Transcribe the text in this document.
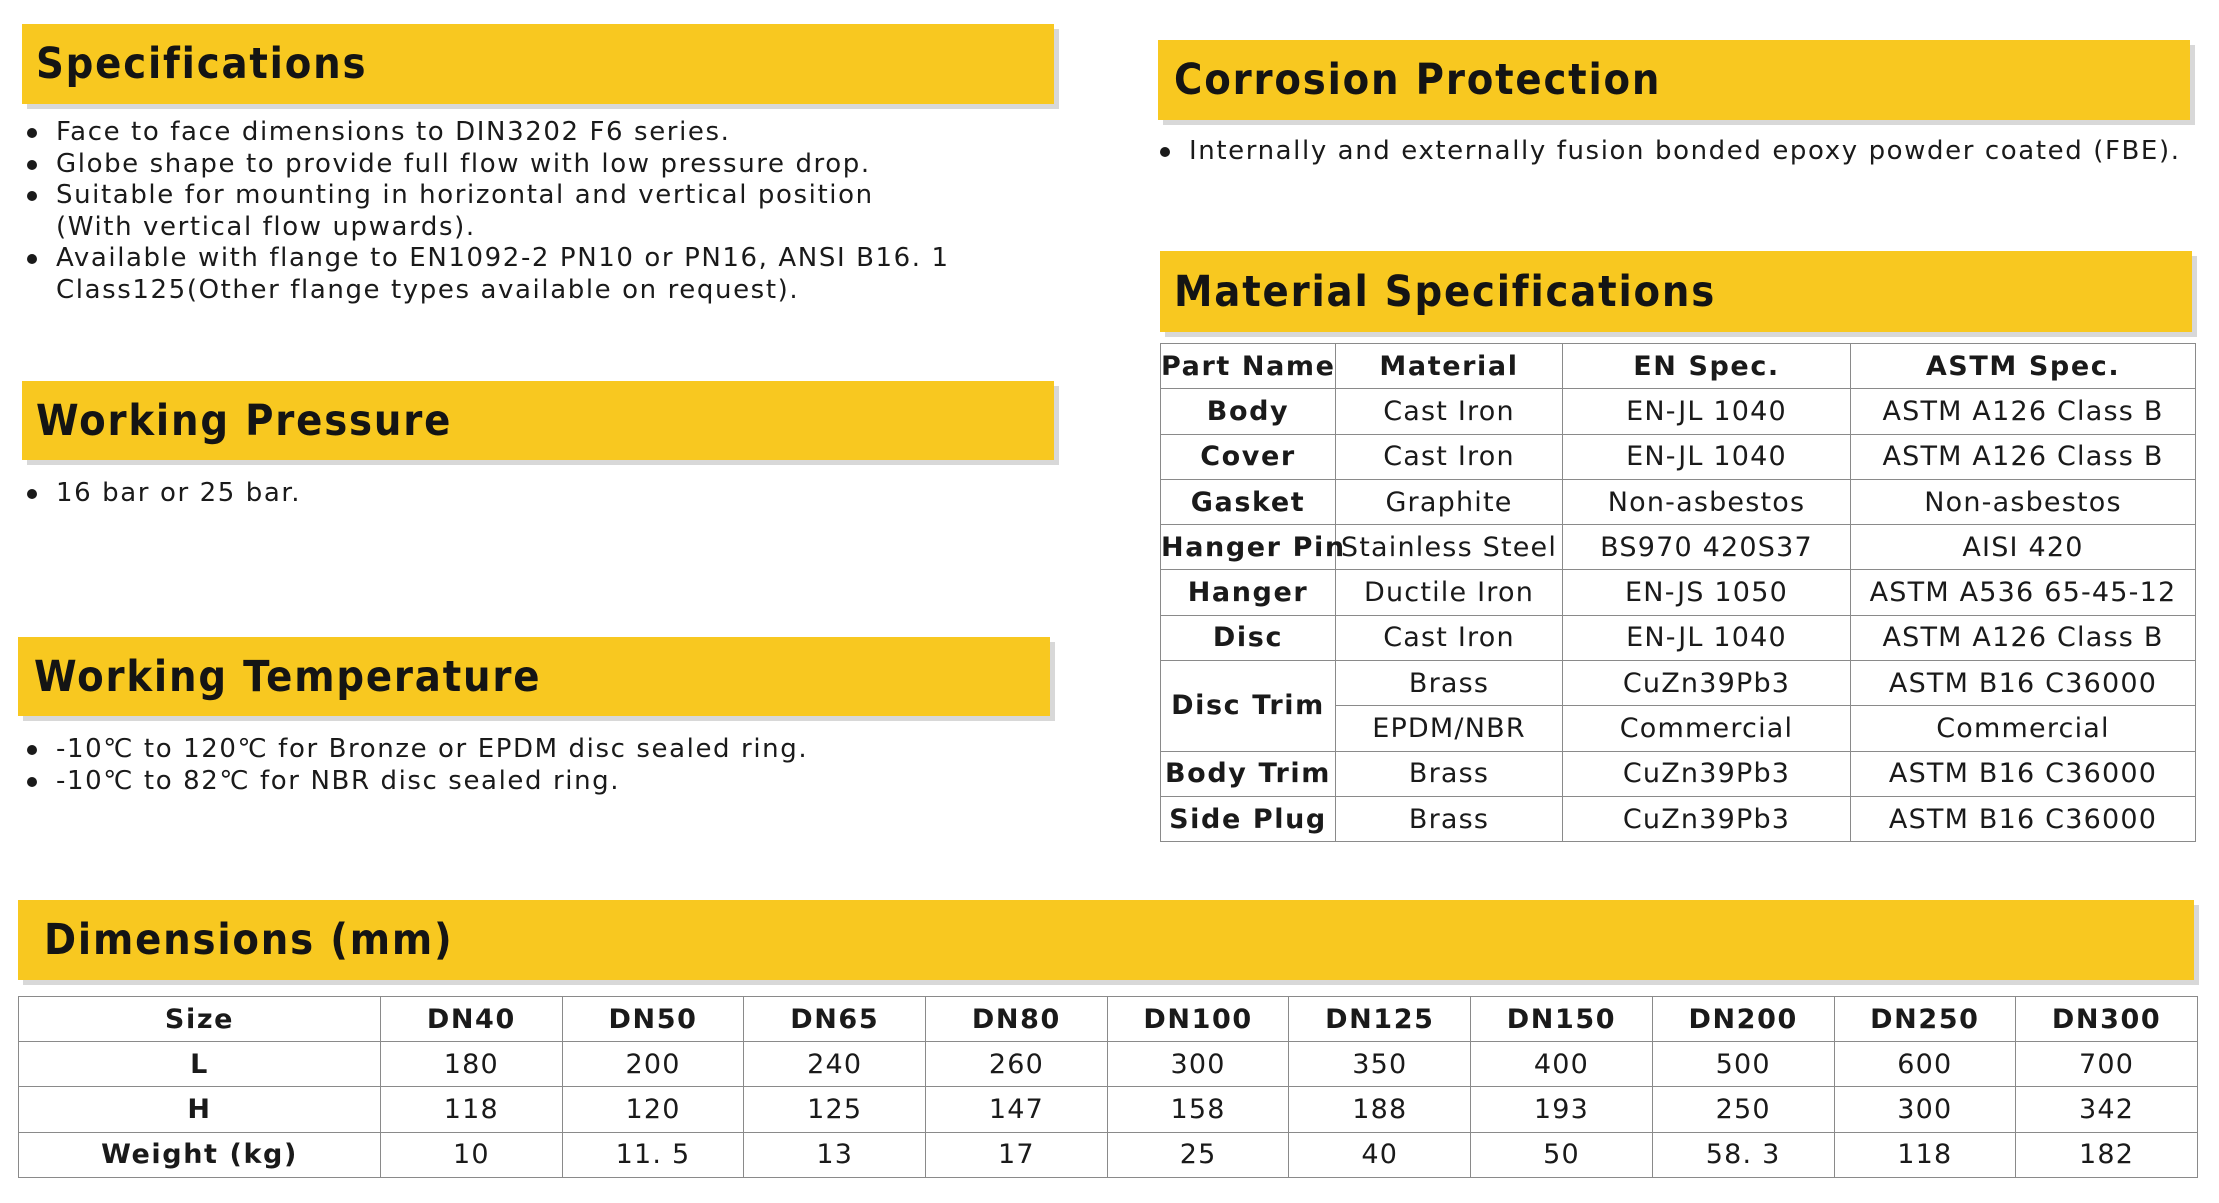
Specifications
Face to face dimensions to DIN3202 F6 series.
Globe shape to provide full flow with low pressure drop.
Suitable for mounting in horizontal and vertical position
(With vertical flow upwards).
Available with flange to EN1092-2 PN10 or PN16, ANSI B16. 1
Class125(Other flange types available on request).
Working Pressure
16 bar or 25 bar.
Working Temperature
-10℃ to 120℃ for Bronze or EPDM disc sealed ring.
-10℃ to 82℃ for NBR disc sealed ring.
Corrosion Protection
Internally and externally fusion bonded epoxy powder coated (FBE).
Material Specifications
Part Name	Material	EN Spec.	ASTM Spec.
Body	Cast Iron	EN-JL 1040	ASTM A126 Class B
Cover	Cast Iron	EN-JL 1040	ASTM A126 Class B
Gasket	Graphite	Non-asbestos	Non-asbestos
Hanger Pin	Stainless Steel	BS970 420S37	AISI 420
Hanger	Ductile Iron	EN-JS 1050	ASTM A536 65-45-12
Disc	Cast Iron	EN-JL 1040	ASTM A126 Class B
Disc Trim	Brass	CuZn39Pb3	ASTM B16 C36000
	EPDM/NBR	Commercial	Commercial
Body Trim	Brass	CuZn39Pb3	ASTM B16 C36000
Side Plug	Brass	CuZn39Pb3	ASTM B16 C36000
Dimensions (mm)
Size	DN40	DN50	DN65	DN80	DN100	DN125	DN150	DN200	DN250	DN300
L	180	200	240	260	300	350	400	500	600	700
H	118	120	125	147	158	188	193	250	300	342
Weight (kg)	10	11. 5	13	17	25	40	50	58. 3	118	182
